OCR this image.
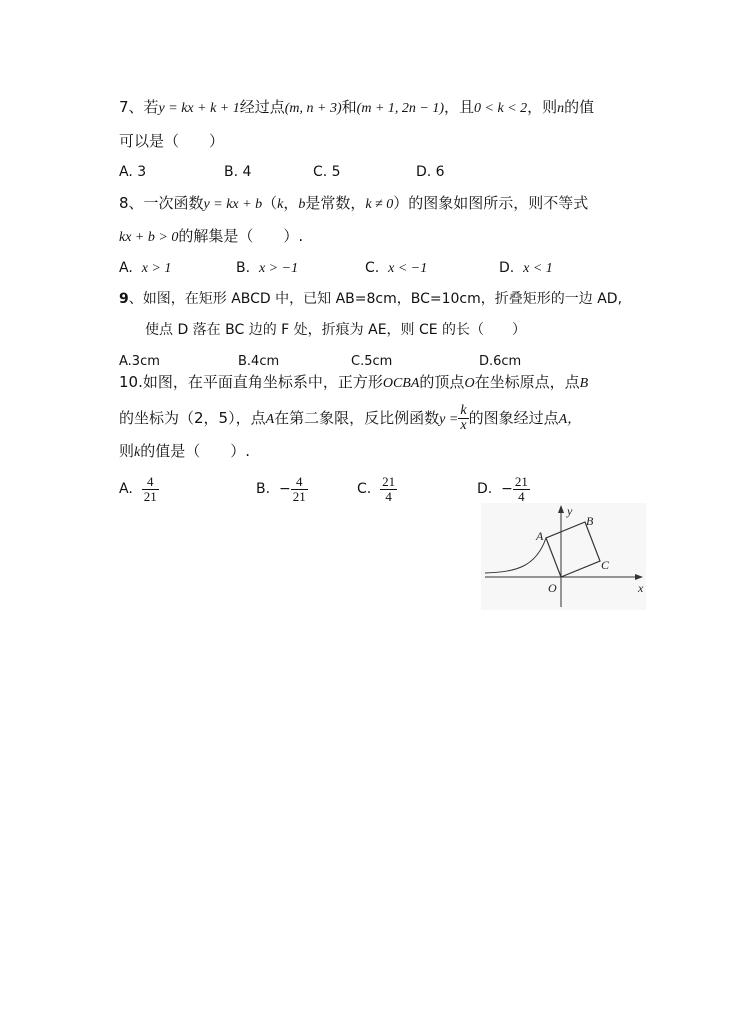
7、若y = kx + k + 1经过点(m, n + 3)和(m + 1, 2n − 1)，且0 < k < 2，则n的值
可以是（　　）
A. 3	B. 4	C. 5	D. 6
8、一次函数y = kx + b（k，b是常数，k ≠ 0）的图象如图所示，则不等式
kx + b > 0的解集是（　　）.
A. x > 1	B. x > −1	C. x < −1	D. x < 1
9、如图，在矩形 ABCD 中，已知 AB=8cm，BC=10cm，折叠矩形的一边 AD,
使点 D 落在 BC 边的 F 处，折痕为 AE，则 CE 的长（　　）
A.3cm	B.4cm	C.5cm	D.6cm
10.如图，在平面直角坐标系中，正方形OCBA的顶点O在坐标原点，点B
的坐标为（2，5），点A在第二象限，反比例函数$y = \frac{k}{x}$ 的图象经过点A，
则k的值是（　　）.
A. $\frac{4}{21}$	B. − $\frac{4}{21}$	C. $\frac{21}{4}$	D. − $\frac{21}{4}$
y
x
O
A
B
C
